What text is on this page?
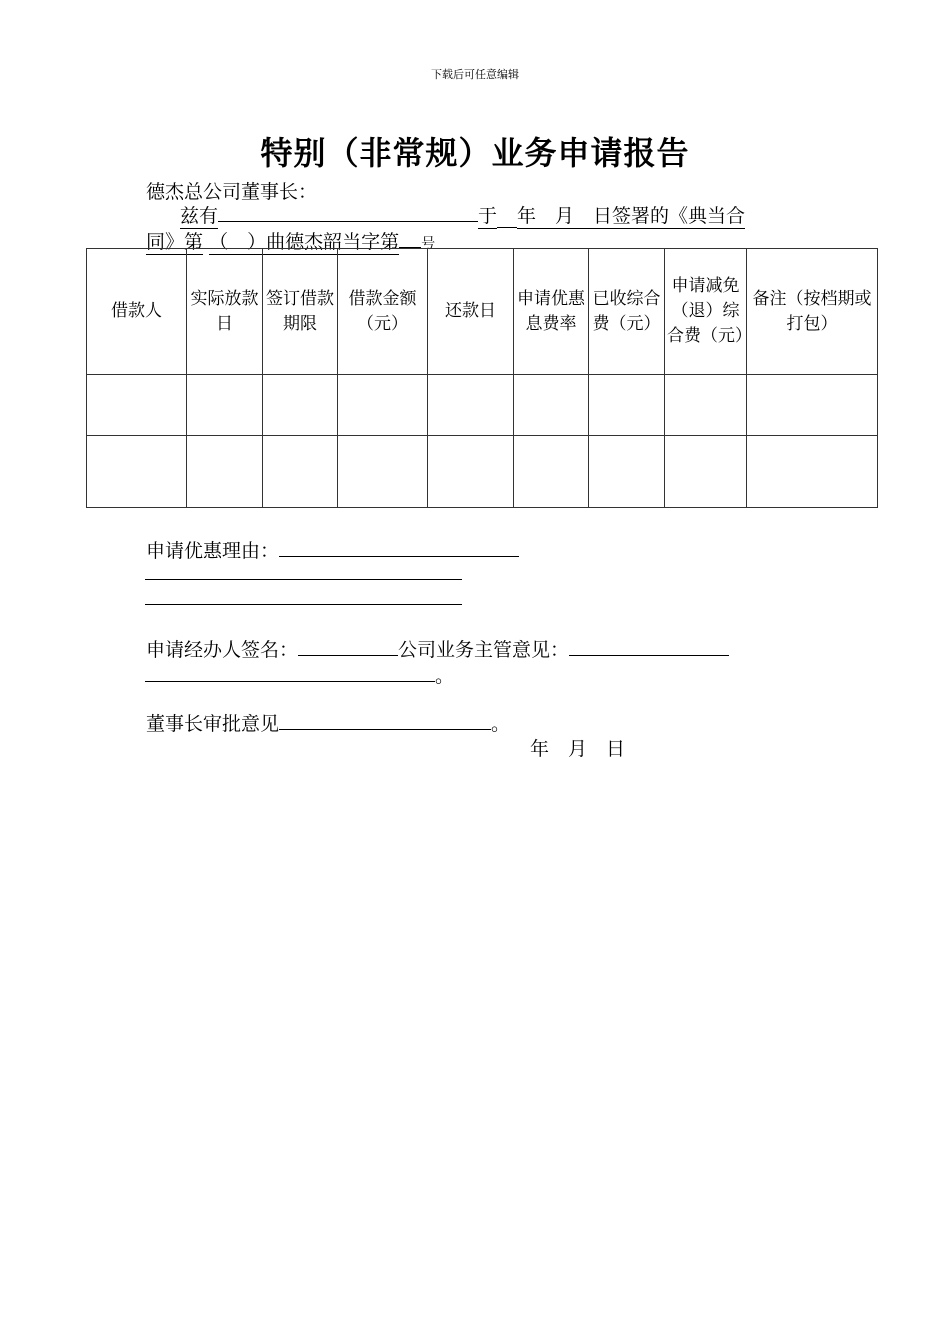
下载后可任意编辑
特别（非常规）业务申请报告
德杰总公司董事长：
兹有	于 年　月　日签署的《典当合
同》第 （　）曲德杰韶当字第 号
借款人	实际放款日	签订借款期限	借款金额（元）	还款日	申请优惠息费率	已收综合费（元）	申请减免（退）综合费（元）	备注（按档期或打包）

申请优惠理由：
申请经办人签名：	公司业务主管意见：
。
董事长审批意见	。
年　月　日
